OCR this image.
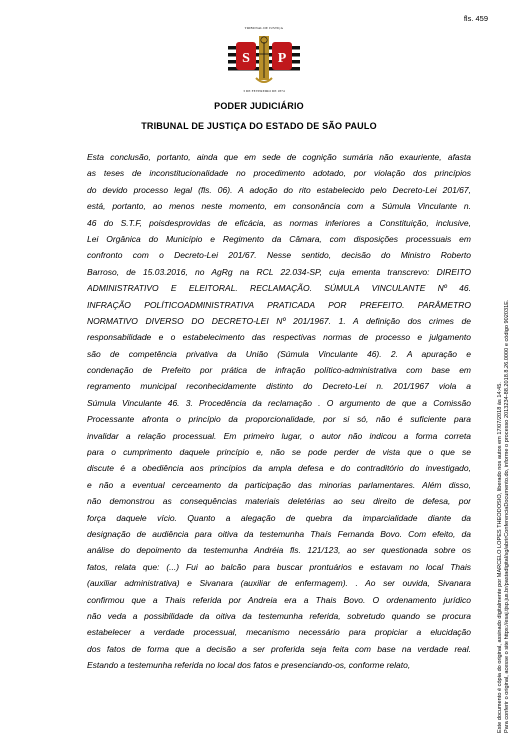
fls. 459
TRIBUNAL DE JUSTIÇA
S P
3 DE FEVEREIRO DE 1874
PODER JUDICIÁRIO
TRIBUNAL DE JUSTIÇA DO ESTADO DE SÃO PAULO
Esta conclusão, portanto, ainda que em sede de cognição sumária não exauriente, afasta
as teses de inconstitucionalidade no procedimento adotado, por violação dos princípios
do devido processo legal (fls. 06). A adoção do rito estabelecido pelo Decreto-Lei 201/67,
está, portanto, ao menos neste momento, em consonância com a Súmula Vinculante n.
46 do S.T.F, poisdesprovidas de eficácia, as normas inferiores a Constituição, inclusive,
Lei Orgânica do Município e Regimento da Câmara, com disposições processuais em
confronto com o Decreto-Lei 201/67. Nesse sentido, decisão do Ministro Roberto
Barroso, de 15.03.2016, no AgRg na RCL 22.034-SP, cuja ementa transcrevo: DIREITO
ADMINISTRATIVO E ELEITORAL. RECLAMAÇÃO. SÚMULA VINCULANTE Nº 46.
INFRAÇÃO POLÍTICOADMINISTRATIVA PRATICADA POR PREFEITO. PARÂMETRO
NORMATIVO DIVERSO DO DECRETO-LEI Nº 201/1967. 1. A definição dos crimes de
responsabilidade e o estabelecimento das respectivas normas de processo e julgamento
são de competência privativa da União (Súmula Vinculante 46). 2. A apuração e
condenação de Prefeito por prática de infração político-administrativa com base em
regramento municipal reconhecidamente distinto do Decreto-Lei n. 201/1967 viola a
Súmula Vinculante 46. 3. Procedência da reclamação . O argumento de que a Comissão
Processante afronta o princípio da proporcionalidade, por si só, não é suficiente para
invalidar a relação processual. Em primeiro lugar, o autor não indicou a forma correta
para o cumprimento daquele princípio e, não se pode perder de vista que o que se
discute é a obediência aos princípios da ampla defesa e do contraditório do investigado,
e não a eventual cerceamento da participação das minorias parlamentares. Além disso,
não demonstrou as consequências materiais deletérias ao seu direito de defesa, por
força daquele vício. Quanto a alegação de quebra da imparcialidade diante da
designação de audiência para oitiva da testemunha Thaís Fernanda Bovo. Com efeito, da
análise do depoimento da testemunha Andréia fls. 121/123, ao ser questionada sobre os
fatos, relata que: (...) Fui ao balcão para buscar prontuários e estavam no local Thais
(auxiliar administrativa) e Sivanara (auxiliar de enfermagem). . Ao ser ouvida, Sivanara
confirmou que a Thais referida por Andreia era a Thais Bovo. O ordenamento jurídico
não veda a possibilidade da oitiva da testemunha referida, sobretudo quando se procura
estabelecer a verdade processual, mecanismo necessário para propiciar a elucidação
dos fatos de forma que a decisão a ser proferida seja feita com base na verdade real.
Estando a testemunha referida no local dos fatos e presenciando-os, conforme relato,	Este documento é cópia do original, assinado digitalmente por MARCELO LOPES THEODOSIO, liberado nos autos em 17/07/2018 às 14:45. Para conferir o original, acesse o site https://esaj.tjsp.jus.br/pastadigital/sg/abrirConferenciaDocumento.do, informe o processo 2013234-88.2018.8.26.0000 e código 902031E.
